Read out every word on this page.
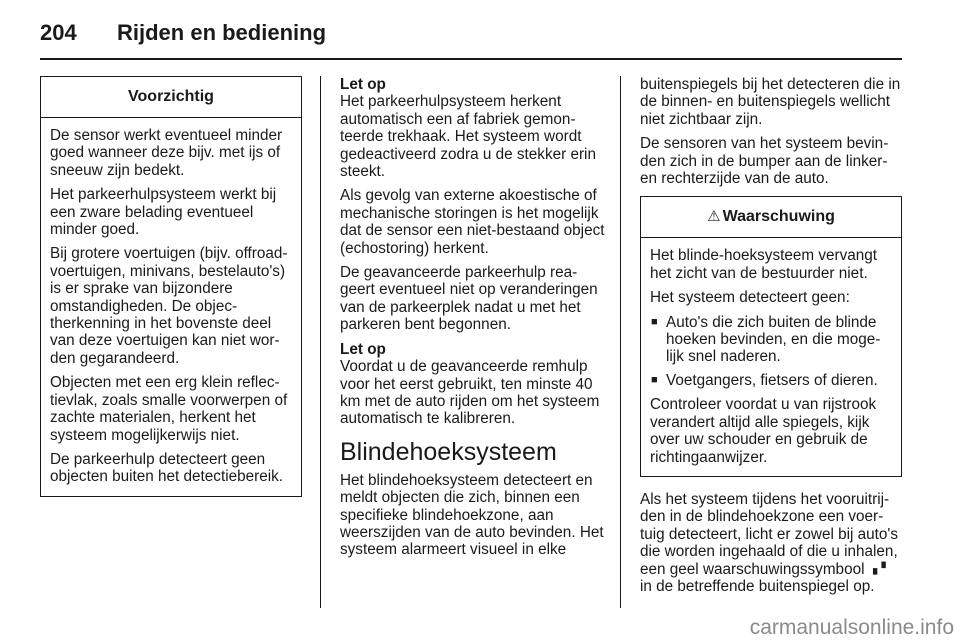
204 Rijden en bediening
Voorzichtig

De sensor werkt eventueel minder goed wanneer deze bijv. met ijs of sneeuw zijn bedekt.

Het parkeerhulpsysteem werkt bij een zware belading eventueel minder goed.

Bij grotere voertuigen (bijv. offroad-voertuigen, minivans, bestelauto's) is er sprake van bijzondere omstandigheden. De objectherkenning in het bovenste deel van deze voertuigen kan niet worden gegarandeerd.

Objecten met een erg klein reflectievlak, zoals smalle voorwerpen of zachte materialen, herkent het systeem mogelijkerwijs niet.

De parkeerhulp detecteert geen objecten buiten het detectiebereik.

Let op

Het parkeerhulpsysteem herkent automatisch een af fabriek gemonteerde trekhaak. Het systeem wordt gedeactiveerd zodra u de stekker erin steekt.

Als gevolg van externe akoestische of mechanische storingen is het mogelijk dat de sensor een niet-bestaand object (echostoring) herkent.

De geavanceerde parkeerhulp reageert eventueel niet op veranderingen van de parkeerplek nadat u met het parkeren bent begonnen.

Let op

Voordat u de geavanceerde remhulp voor het eerst gebruikt, ten minste 40 km met de auto rijden om het systeem automatisch te kalibreren.

Blindehoeksysteem

Het blindehoeksysteem detecteert en meldt objecten die zich, binnen een specifieke blindehoekzone, aan weerszijden van de auto bevinden. Het systeem alarmeert visueel in elke

buitenspiegels bij het detecteren die in de binnen- en buitenspiegels wellicht niet zichtbaar zijn.

De sensoren van het systeem bevinden zich in de bumper aan de linker- en rechterzijde van de auto.

⚠ Waarschuwing

Het blinde-hoeksysteem vervangt het zicht van de bestuurder niet.

Het systeem detecteert geen:

■ Auto's die zich buiten de blinde hoeken bevinden, en die mogelijk snel naderen.
■ Voetgangers, fietsers of dieren.

Controleer voordat u van rijstrook verandert altijd alle spiegels, kijk over uw schouder en gebruik de richtingaanwijzer.

Als het systeem tijdens het vooruitrijden in de blindehoekzone een voertuig detecteert, licht er zowel bij auto's die worden ingehaald of die u inhalen, een geel waarschuwingssymbool ▗▝
in de betreffende buitenspiegel op.

carmanualsonline.info
